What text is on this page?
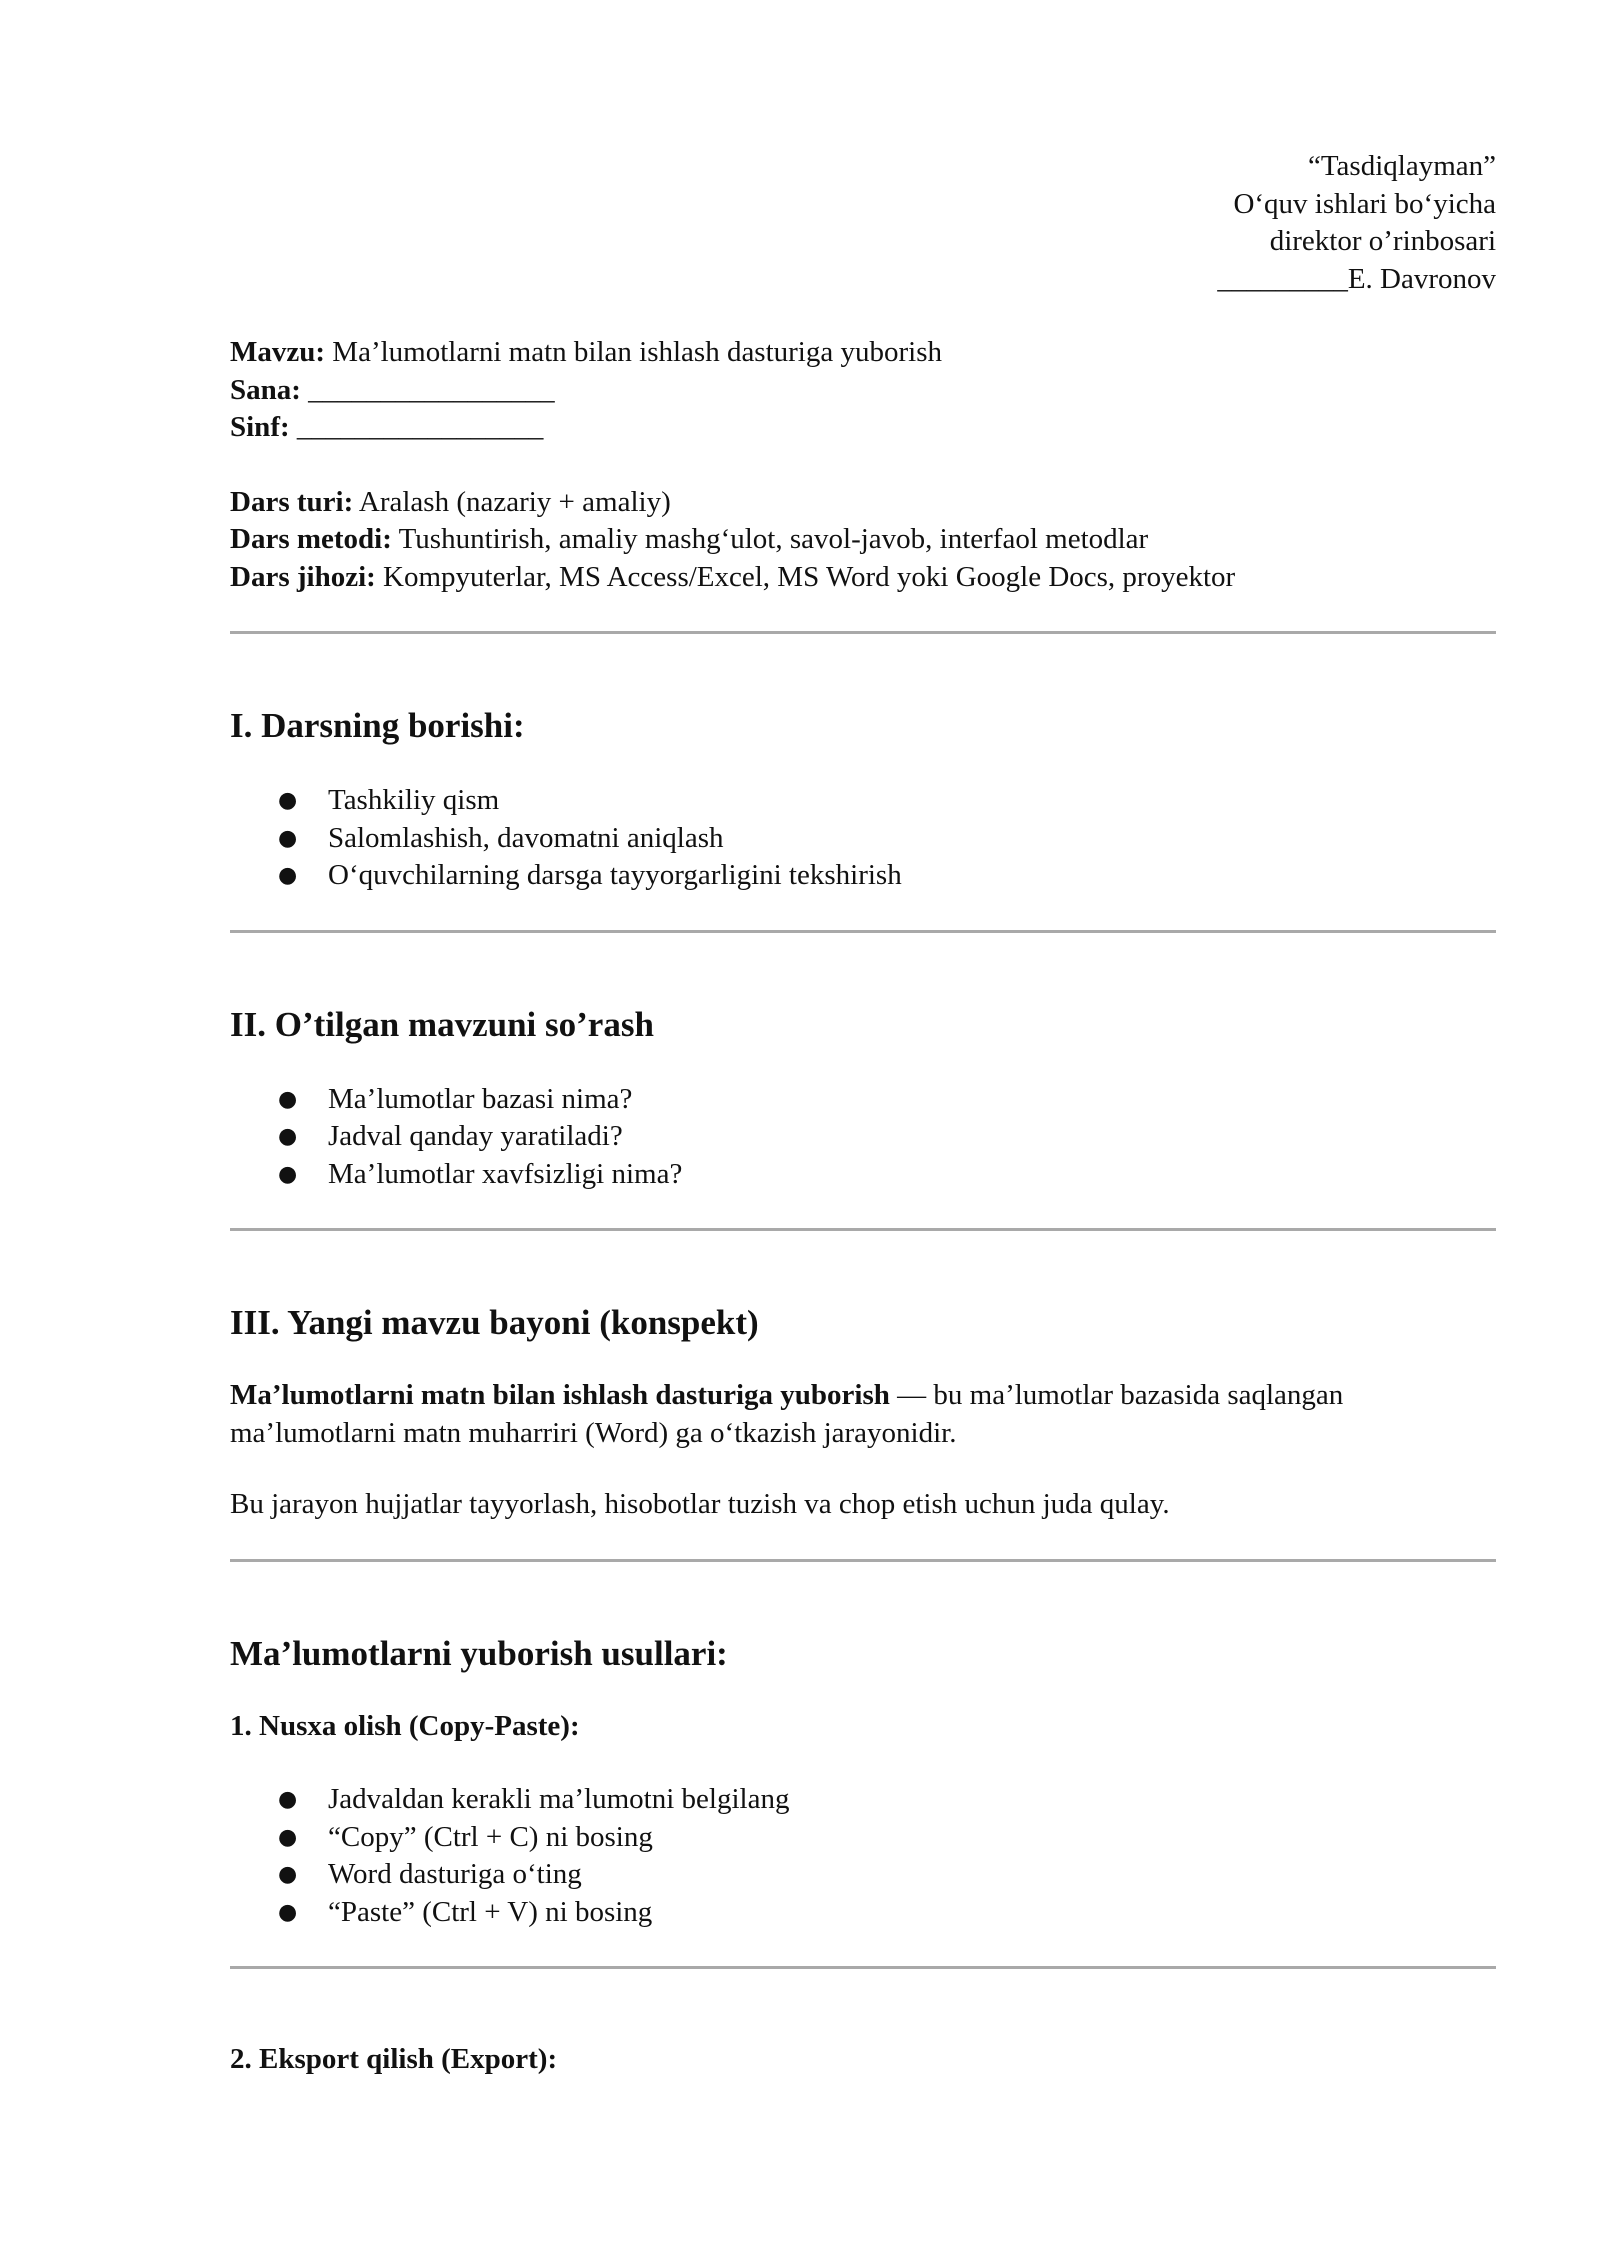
“Tasdiqlayman”
O‘quv ishlari bo‘yicha
direktor o’rinbosari
_________E. Davronov
Mavzu: Ma’lumotlarni matn bilan ishlash dasturiga yuborish
Sana: _________________
Sinf: _________________
Dars turi: Aralash (nazariy + amaliy)
Dars metodi: Tushuntirish, amaliy mashg‘ulot, savol-javob, interfaol metodlar
Dars jihozi: Kompyuterlar, MS Access/Excel, MS Word yoki Google Docs, proyektor
I. Darsning borishi:
● Tashkiliy qism
● Salomlashish, davomatni aniqlash
● O‘quvchilarning darsga tayyorgarligini tekshirish
II. O’tilgan mavzuni so’rash
● Ma’lumotlar bazasi nima?
● Jadval qanday yaratiladi?
● Ma’lumotlar xavfsizligi nima?
III. Yangi mavzu bayoni (konspekt)

Ma’lumotlarni matn bilan ishlash dasturiga yuborish — bu ma’lumotlar bazasida saqlangan ma’lumotlarni matn muharriri (Word) ga o‘tkazish jarayonidir.

Bu jarayon hujjatlar tayyorlash, hisobotlar tuzish va chop etish uchun juda qulay.

Ma’lumotlarni yuborish usullari:
1. Nusxa olish (Copy-Paste):
● Jadvaldan kerakli ma’lumotni belgilang
● “Copy” (Ctrl + C) ni bosing
● Word dasturiga o‘ting
● “Paste” (Ctrl + V) ni bosing
2. Eksport qilish (Export):
